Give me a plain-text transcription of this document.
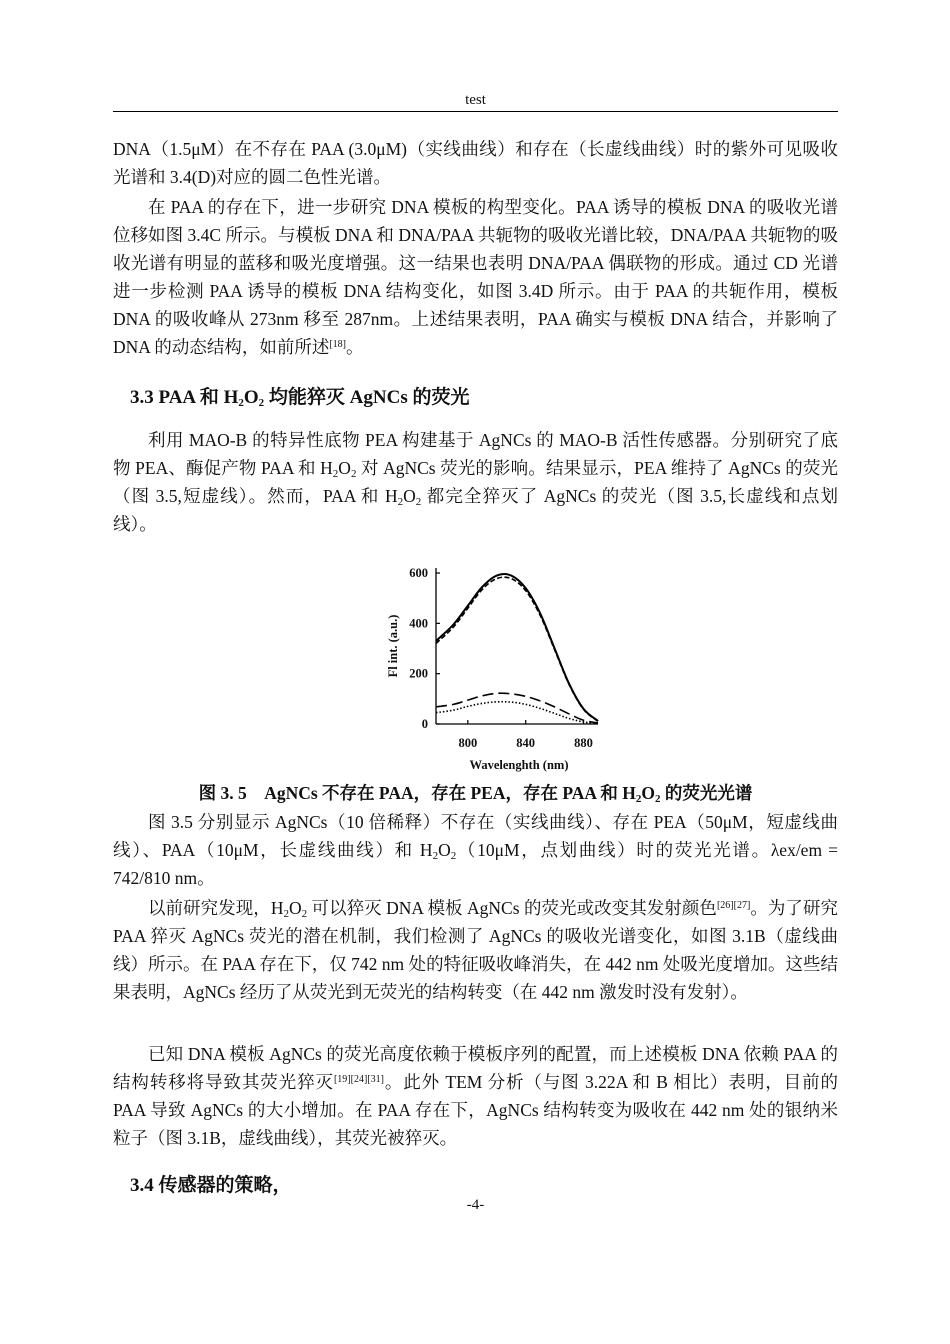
test

DNA（1.5μM）在不存在 PAA (3.0μM)（实线曲线）和存在（长虚线曲线）时的紫外可见吸收光谱和 3.4(D)对应的圆二色性光谱。

在 PAA 的存在下，进一步研究 DNA 模板的构型变化。PAA 诱导的模板 DNA 的吸收光谱位移如图 3.4C 所示。与模板 DNA 和 DNA/PAA 共轭物的吸收光谱比较，DNA/PAA 共轭物的吸收光谱有明显的蓝移和吸光度增强。这一结果也表明 DNA/PAA 偶联物的形成。通过 CD 光谱进一步检测 PAA 诱导的模板 DNA 结构变化，如图 3.4D 所示。由于 PAA 的共轭作用，模板 DNA 的吸收峰从 273nm 移至 287nm。上述结果表明，PAA 确实与模板 DNA 结合，并影响了 DNA 的动态结构，如前所述[18]。

3.3 PAA 和 $H_2O_2$ 均能猝灭 AgNCs 的荧光

利用 MAO-B 的特异性底物 PEA 构建基于 AgNCs 的 MAO-B 活性传感器。分别研究了底物 PEA、酶促产物 PAA 和 $H_2O_2$ 对 AgNCs 荧光的影响。结果显示，PEA 维持了 AgNCs 的荧光（图 3.5,短虚线）。然而，PAA 和 $H_2O_2$ 都完全猝灭了 AgNCs 的荧光（图 3.5,长虚线和点划线）。

0
200
400
600
800	840	880
Wavelenghth (nm)
Fl int. (a.u.)
图 3. 5　AgNCs 不存在 PAA，存在 PEA，存在 PAA 和 $H_2O_2$ 的荧光光谱

图 3.5 分别显示 AgNCs（10 倍稀释）不存在（实线曲线）、存在 PEA（50μM，短虚线曲线）、PAA（10μM，长虚线曲线）和 $H_2O_2(10\mu M$，点划曲线）时的荧光光谱。λex/em = 742/810 nm。

以前研究发现，$H_2O_2$ 可以猝灭 DNA 模板 AgNCs 的荧光或改变其发射颜色[26][27]。为了研究 PAA 猝灭 AgNCs 荧光的潜在机制，我们检测了 AgNCs 的吸收光谱变化，如图 3.1B（虚线曲线）所示。在 PAA 存在下，仅 742 nm 处的特征吸收峰消失，在 442 nm 处吸光度增加。这些结果表明，AgNCs 经历了从荧光到无荧光的结构转变（在 442 nm 激发时没有发射）。

已知 DNA 模板 AgNCs 的荧光高度依赖于模板序列的配置，而上述模板 DNA 依赖 PAA 的结构转移将导致其荧光猝灭[19][24][31]。此外 TEM 分析（与图 3.22A 和 B 相比）表明，目前的 PAA 导致 AgNCs 的大小增加。在 PAA 存在下，AgNCs 结构转变为吸收在 442 nm 处的银纳米粒子（图 3.1B，虚线曲线），其荧光被猝灭。

3.4 传感器的策略，
-4-
